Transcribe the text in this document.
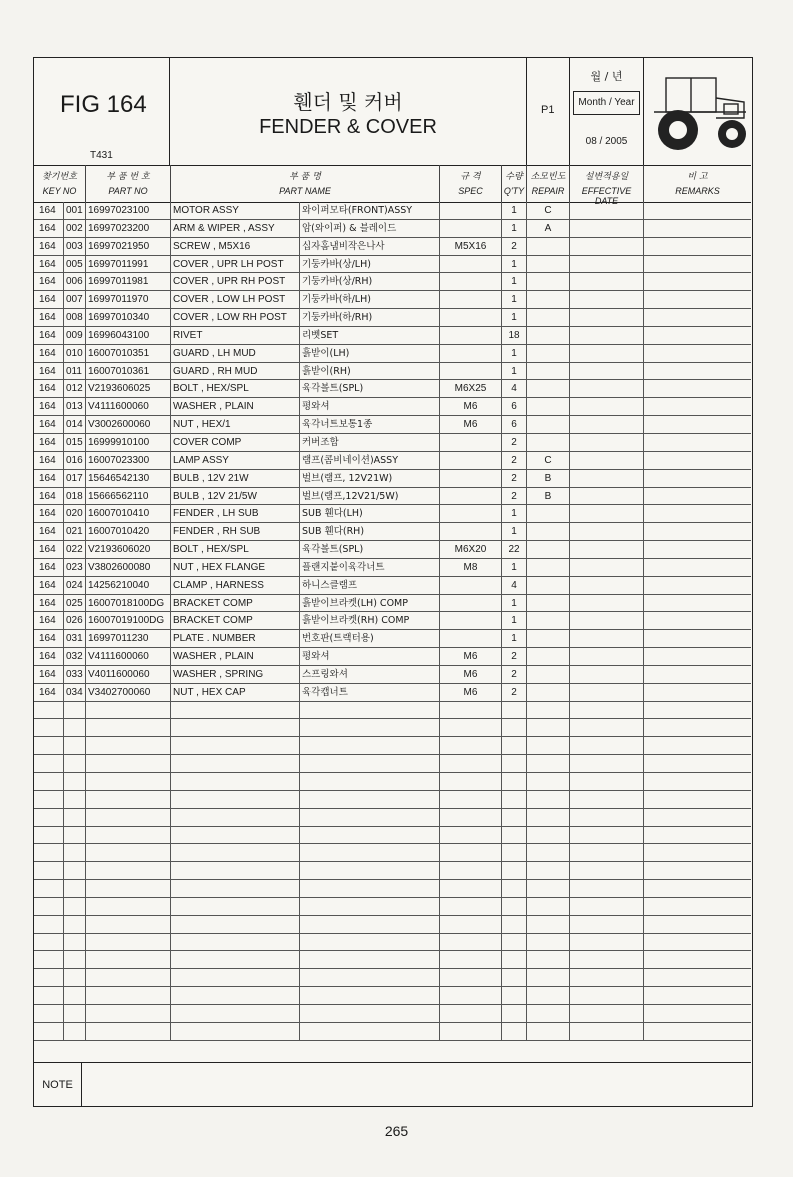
FIG 164
T431
휀더 및 커버
FENDER & COVER
P1
월 / 년
Month / Year
08 / 2005
찾기번호
KEY NO
부 품 번 호
PART NO
부 품 명
PART NAME
규 격
SPEC
수량
Q'TY
소모빈도
REPAIR
설변적용일
EFFECTIVE DATE
비 고
REMARKS
164	001 16997023100	MOTOR ASSY	와이퍼모타(FRONT)ASSY	1	C
164	002 16997023200	ARM & WIPER , ASSY	암(와이퍼) & 블레이드	1	A
164	003 16997021950	SCREW , M5X16	십자홈냄비작은나사	M5X16	2
164	005 16997011991	COVER , UPR LH POST	기둥카바(상/LH)	1
164	006 16997011981	COVER , UPR RH POST	기둥카바(상/RH)	1
164	007 16997011970	COVER , LOW LH POST	기둥카바(하/LH)	1
164	008 16997010340	COVER , LOW RH POST	기둥카바(하/RH)	1
164	009 16996043100	RIVET	리벳SET	18
164	010 16007010351	GUARD , LH MUD	흙받이(LH)	1
164	011 16007010361	GUARD , RH MUD	흙받이(RH)	1
164	012 V2193606025	BOLT , HEX/SPL	육각볼트(SPL)	M6X25	4
164	013 V4111600060	WASHER , PLAIN	평와셔	M6	6
164	014 V3002600060	NUT , HEX/1	육각너트보통1종	M6	6
164	015 16999910100	COVER COMP	커버조합	2
164	016 16007023300	LAMP ASSY	램프(콤비네이션)ASSY	2	C
164	017 15646542130	BULB , 12V 21W	벌브(램프, 12V21W)	2	B
164	018 15666562110	BULB , 12V 21/5W	벌브(램프,12V21/5W)	2	B
164	020 16007010410	FENDER , LH SUB	SUB 휀다(LH)	1
164	021 16007010420	FENDER , RH SUB	SUB 휀다(RH)	1
164	022 V2193606020	BOLT , HEX/SPL	육각볼트(SPL)	M6X20	22
164	023 V3802600080	NUT , HEX FLANGE	플랜지붙이육각너트	M8	1
164	024 14256210040	CLAMP , HARNESS	하니스클램프	4
164	025 16007018100DG BRACKET COMP	흙받이브라켓(LH) COMP	1
164	026 16007019100DG BRACKET COMP	흙받이브라켓(RH) COMP	1
164	031 16997011230	PLATE . NUMBER	번호판(트랙터용)	1
164	032 V4111600060	WASHER , PLAIN	평와셔	M6	2
164	033 V4011600060	WASHER , SPRING	스프링와셔	M6	2
164	034 V3402700060	NUT , HEX CAP	육각캡너트	M6	2
NOTE
265
